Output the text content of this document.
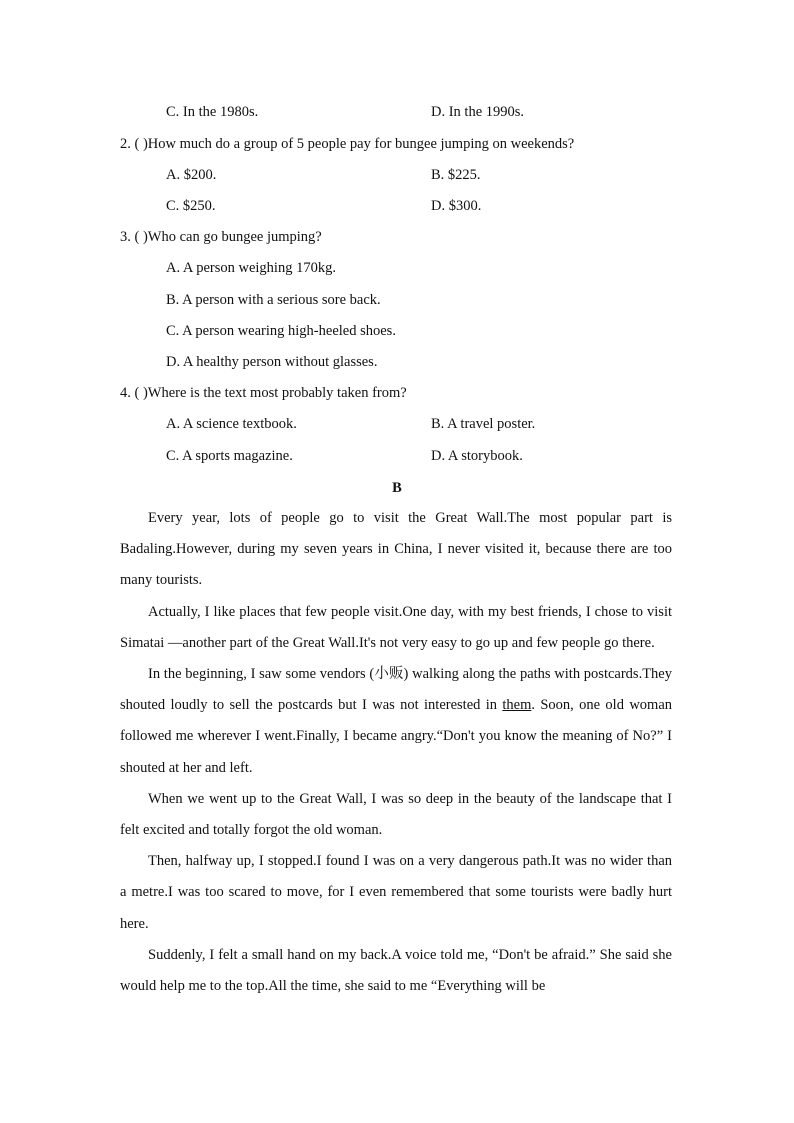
C. In the 1980s.	D. In the 1990s.
2. ( )How much do a group of 5 people pay for bungee jumping on weekends?
A. $200.	B. $225.
C. $250.	D. $300.
3. ( )Who can go bungee jumping?
A. A person weighing 170kg.
B. A person with a serious sore back.
C. A person wearing high-heeled shoes.
D. A healthy person without glasses.
4. ( )Where is the text most probably taken from?
A. A science textbook.	B. A travel poster.
C. A sports magazine.	D. A storybook.
B

Every year, lots of people go to visit the Great Wall.The most popular part is Badaling.However, during my seven years in China, I never visited it, because there are too many tourists.

Actually, I like places that few people visit.One day, with my best friends, I chose to visit Simatai —another part of the Great Wall.It's not very easy to go up and few people go there.

In the beginning, I saw some vendors (小贩) walking along the paths with postcards.They shouted loudly to sell the postcards but I was not interested in them. Soon, one old woman followed me wherever I went.Finally, I became angry.“Don't you know the meaning of No?” I shouted at her and left.

When we went up to the Great Wall, I was so deep in the beauty of the landscape that I felt excited and totally forgot the old woman.

Then, halfway up, I stopped.I found I was on a very dangerous path.It was no wider than a metre.I was too scared to move, for I even remembered that some tourists were badly hurt here.

Suddenly, I felt a small hand on my back.A voice told me, “Don't be afraid.” She said she would help me to the top.All the time, she said to me “Everything will be
